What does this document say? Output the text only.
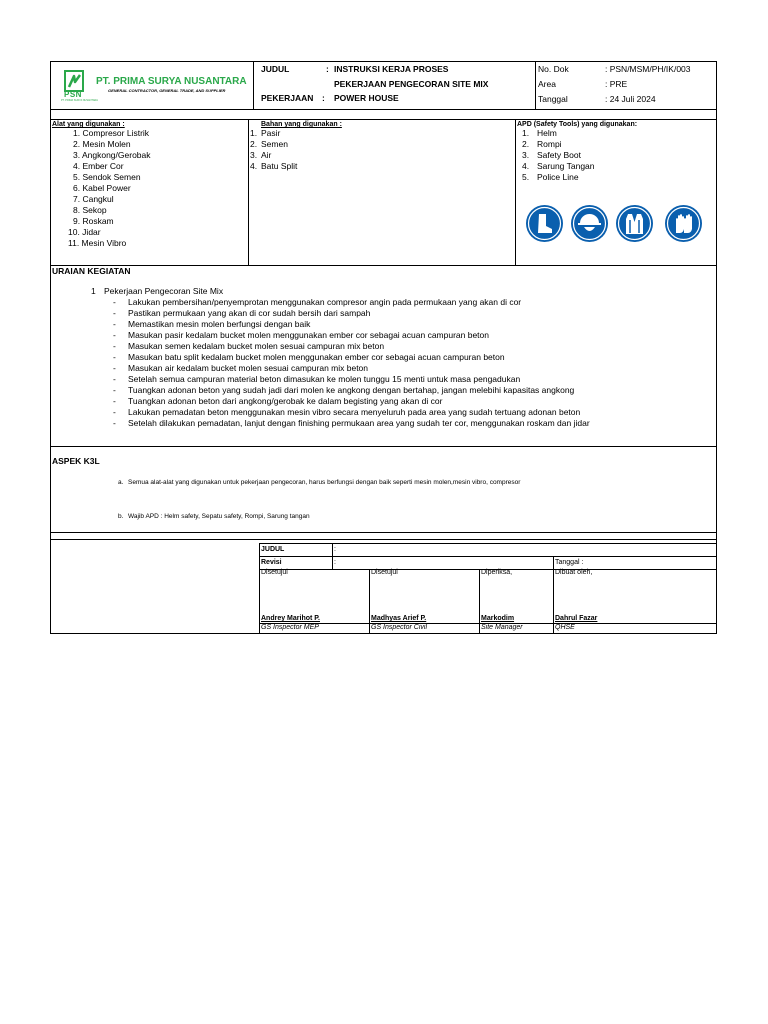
PSN
PT. PRIMA SURYA NUSANTARA
PT. PRIMA SURYA NUSANTARA
GENERAL CONTRACTOR, GENERAL TRADE, AND SUPPLIER
JUDUL	: INSTRUKSI KERJA PROSES
PEKERJAAN PENGECORAN SITE MIX
PEKERJAAN : POWER HOUSE
No. Dok	: PSN/MSM/PH/IK/003
Area	: PRE
Tanggal	: 24 Juli 2024
Alat yang digunakan :
1. Compresor Listrik
2. Mesin Molen
3. Angkong/Gerobak
4. Ember Cor
5. Sendok Semen
6. Kabel Power
7. Cangkul
8. Sekop
9. Roskam
10. Jidar
11. Mesin Vibro
Bahan yang digunakan :
1. Pasir
2. Semen
3. Air
4. Batu Split
APD (Safety Tools) yang digunakan:
1. Helm
2. Rompi
3. Safety Boot
4. Sarung Tangan
5. Police Line
URAIAN KEGIATAN
1 Pekerjaan Pengecoran Site Mix
- Lakukan pembersihan/penyemprotan menggunakan compresor angin pada permukaan yang akan di cor
- Pastikan permukaan yang akan di cor sudah bersih dari sampah
- Memastikan mesin molen berfungsi dengan baik
- Masukan pasir kedalam bucket molen menggunakan ember cor sebagai acuan campuran beton
- Masukan semen kedalam bucket molen sesuai campuran mix beton
- Masukan batu split kedalam bucket molen menggunakan ember cor sebagai acuan campuran beton
- Masukan air kedalam bucket molen sesuai campuran mix beton
- Setelah semua campuran material beton dimasukan ke molen tunggu 15 menti untuk masa pengadukan
- Tuangkan adonan beton yang sudah jadi dari molen ke angkong dengan bertahap, jangan melebihi kapasitas angkong
- Tuangkan adonan beton dari angkong/gerobak ke dalam begisting yang akan di cor
- Lakukan pemadatan beton menggunakan mesin vibro secara menyeluruh pada area yang sudah tertuang adonan beton
- Setelah dilakukan pemadatan, lanjut dengan finishing permukaan area yang sudah ter cor, menggunakan roskam dan jidar
ASPEK K3L
a. Semua alat-alat yang digunakan untuk pekerjaan pengecoran, harus berfungsi dengan baik seperti mesin molen,mesin vibro, compresor
b. Wajib APD : Helm safety, Sepatu safety, Rompi, Sarung tangan
JUDUL	:
Revisi	:	Tanggal :
Disetujui	Disetujui	Diperiksa,	Dibuat oleh,
Andrey Marihot P.	Madhyas Arief P.	Markodim	Dahrul Fazar
GS Inspector MEP	GS Inspector Civil	Site Manager	QHSE
